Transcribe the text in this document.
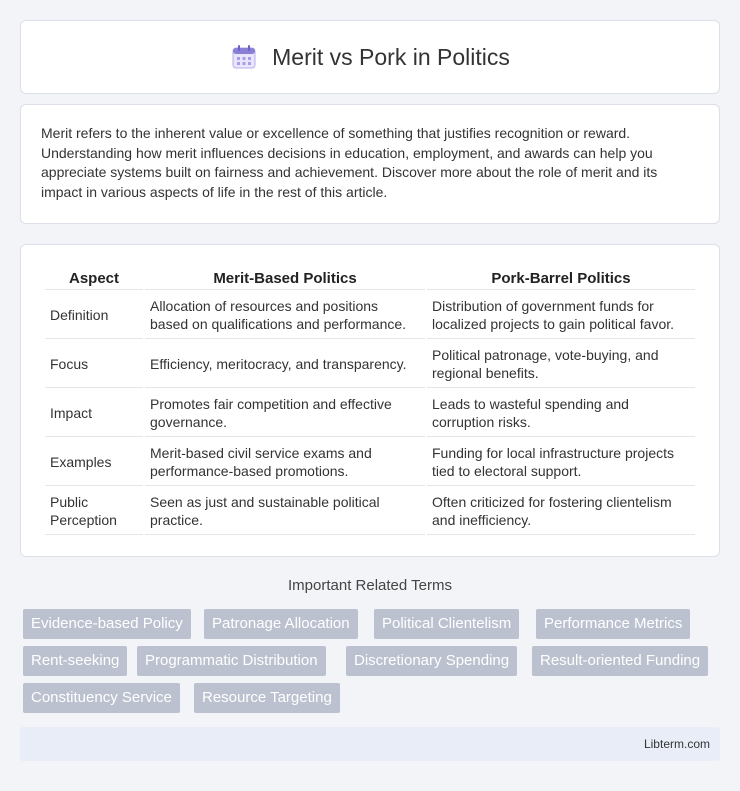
Merit vs Pork in Politics

Merit refers to the inherent value or excellence of something that justifies recognition or reward. Understanding how merit influences decisions in education, employment, and awards can help you appreciate systems built on fairness and achievement. Discover more about the role of merit and its impact in various aspects of life in the rest of this article.

Aspect	Merit-Based Politics	Pork-Barrel Politics
Definition	Allocation of resources and positions based on qualifications and performance.	Distribution of government funds for localized projects to gain political favor.
Focus	Efficiency, meritocracy, and transparency.	Political patronage, vote-buying, and regional benefits.
Impact	Promotes fair competition and effective governance.	Leads to wasteful spending and corruption risks.
Examples	Merit-based civil service exams and performance-based promotions.	Funding for local infrastructure projects tied to electoral support.
Public Perception	Seen as just and sustainable political practice.	Often criticized for fostering clientelism and inefficiency.
Important Related Terms
Evidence-based Policy	Patronage Allocation	Political Clientelism	Performance Metrics
Rent-seeking	Programmatic Distribution	Discretionary Spending	Result-oriented Funding
Constituency Service	Resource Targeting
Libterm.com
